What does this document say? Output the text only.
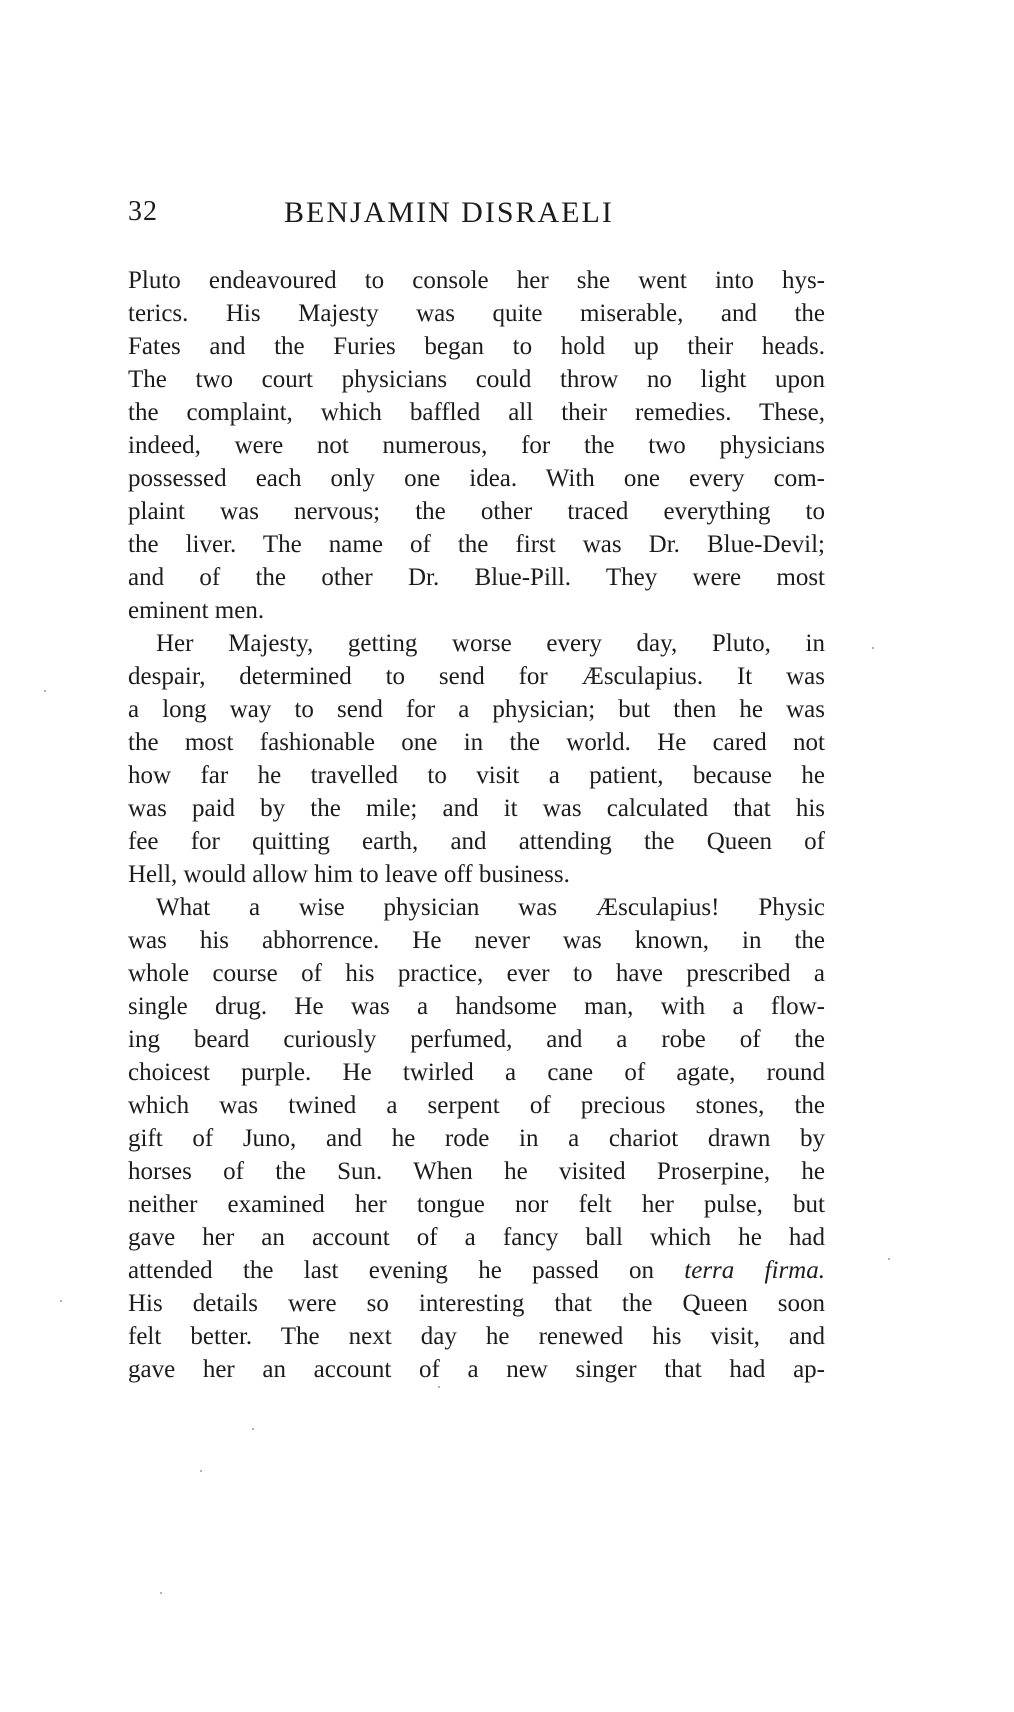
32	BENJAMIN DISRAELI
Pluto endeavoured to console her she went into hys-
terics. His Majesty was quite miserable, and the
Fates and the Furies began to hold up their heads.
The two court physicians could throw no light upon
the complaint, which baffled all their remedies. These,
indeed, were not numerous, for the two physicians
possessed each only one idea. With one every com-
plaint was nervous; the other traced everything to
the liver. The name of the first was Dr. Blue-Devil;
and of the other Dr. Blue-Pill. They were most
eminent men.
Her Majesty, getting worse every day, Pluto, in
despair, determined to send for Æsculapius. It was
a long way to send for a physician; but then he was
the most fashionable one in the world. He cared not
how far he travelled to visit a patient, because he
was paid by the mile; and it was calculated that his
fee for quitting earth, and attending the Queen of
Hell, would allow him to leave off business.
What a wise physician was Æsculapius! Physic
was his abhorrence. He never was known, in the
whole course of his practice, ever to have prescribed a
single drug. He was a handsome man, with a flow-
ing beard curiously perfumed, and a robe of the
choicest purple. He twirled a cane of agate, round
which was twined a serpent of precious stones, the
gift of Juno, and he rode in a chariot drawn by
horses of the Sun. When he visited Proserpine, he
neither examined her tongue nor felt her pulse, but
gave her an account of a fancy ball which he had
attended the last evening he passed on terra firma.
His details were so interesting that the Queen soon
felt better. The next day he renewed his visit, and
gave her an account of a new singer that had ap-
